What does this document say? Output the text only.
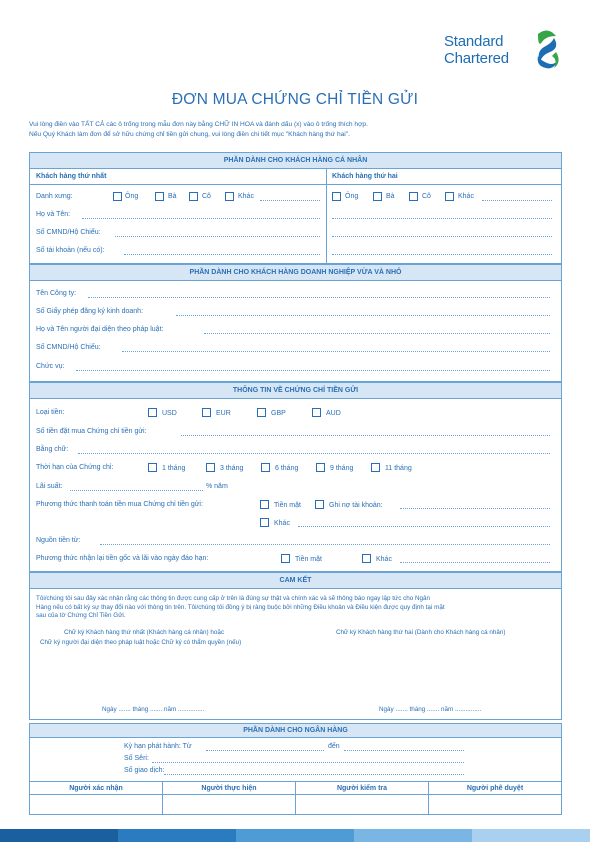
Standard
Chartered
ĐƠN MUA CHỨNG CHỈ TIỀN GỬI
Vui lòng điền vào TẤT CẢ các ô trống trong mẫu đơn này bằng CHỮ IN HOA và đánh dấu (x) vào ô trống thích hợp.
Nếu Quý Khách làm đơn để sở hữu chứng chỉ tiền gửi chung, vui lòng điền chi tiết mục "Khách hàng thứ hai".
PHẦN DÀNH CHO KHÁCH HÀNG CÁ NHÂN
Khách hàng thứ nhất	Khách hàng thứ hai
Danh xưng:	Ông	Bà	Cô	Khác	Ông	Bà	Cô	Khác
Họ và Tên:
Số CMND/Hộ Chiếu:
Số tài khoản (nếu có):
PHẦN DÀNH CHO KHÁCH HÀNG DOANH NGHIỆP VỪA VÀ NHỎ
Tên Công ty:
Số Giấy phép đăng ký kinh doanh:
Họ và Tên người đại diện theo pháp luật:
Số CMND/Hộ Chiếu:
Chức vụ:
THÔNG TIN VỀ CHỨNG CHỈ TIỀN GỬI
Loại tiền:	USD	EUR	GBP	AUD
Số tiền đặt mua Chứng chỉ tiền gửi:
Bằng chữ:
Thời hạn của Chứng chỉ:	1 tháng	3 tháng	6 tháng	9 tháng	11 tháng
Lãi suất:	% năm
Phương thức thanh toán tiền mua Chứng chỉ tiền gửi:	Tiền mặt	Ghi nợ tài khoản:
Khác
Nguồn tiền từ:
Phương thức nhận lại tiền gốc và lãi vào ngày đáo hạn:	Tiền mặt	Khác
CAM KẾT
Tôi/chúng tôi sau đây xác nhận rằng các thông tin được cung cấp ở trên là đúng sự thật và chính xác và sẽ thông báo ngay lập tức cho Ngân
Hàng nếu có bất kỳ sự thay đổi nào với thông tin trên. Tôi/chúng tôi đồng ý bị ràng buộc bởi những Điều khoản và Điều kiện được quy định tại mặt
sau của tờ Chứng Chỉ Tiền Gửi.
Chữ ký Khách hàng thứ nhất (Khách hàng cá nhân) hoặc
Chữ ký người đại diện theo pháp luật hoặc Chữ ký có thẩm quyền (nếu)
Chữ ký Khách hàng thứ hai (Dành cho Khách hàng cá nhân)
Ngày ....... tháng ....... năm ...............	Ngày ....... tháng ....... năm ...............
PHẦN DÀNH CHO NGÂN HÀNG
Kỳ hạn phát hành: Từ	đến
Số Sêri:
Số giao dịch:
Người xác nhận	Người thực hiện	Người kiểm tra	Người phê duyệt
